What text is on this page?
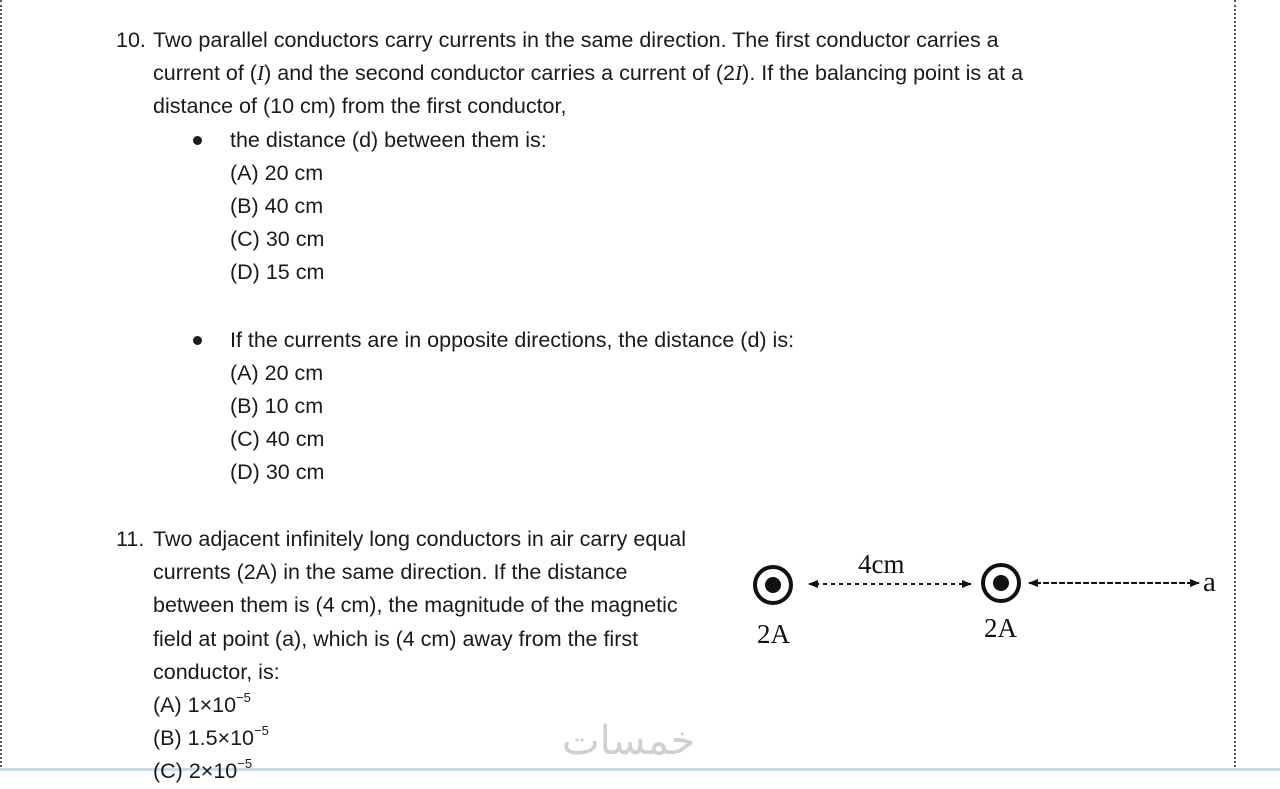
10. Two parallel conductors carry currents in the same direction. The first conductor carries a
current of (I) and the second conductor carries a current of (2I). If the balancing point is at a
distance of (10 cm) from the first conductor,
the distance (d) between them is:
(A) 20 cm
(B) 40 cm
(C) 30 cm
(D) 15 cm
If the currents are in opposite directions, the distance (d) is:
(A) 20 cm
(B) 10 cm
(C) 40 cm
(D) 30 cm
11. Two adjacent infinitely long conductors in air carry equal
currents (2A) in the same direction. If the distance
between them is (4 cm), the magnitude of the magnetic
field at point (a), which is (4 cm) away from the first
conductor, is:
(A) $1\times 10^{-5}$
(B) $1.5\times 10^{-5}$
(C) $2\times 10^{-5}$
4cm
2A	2A
a
خمسات
